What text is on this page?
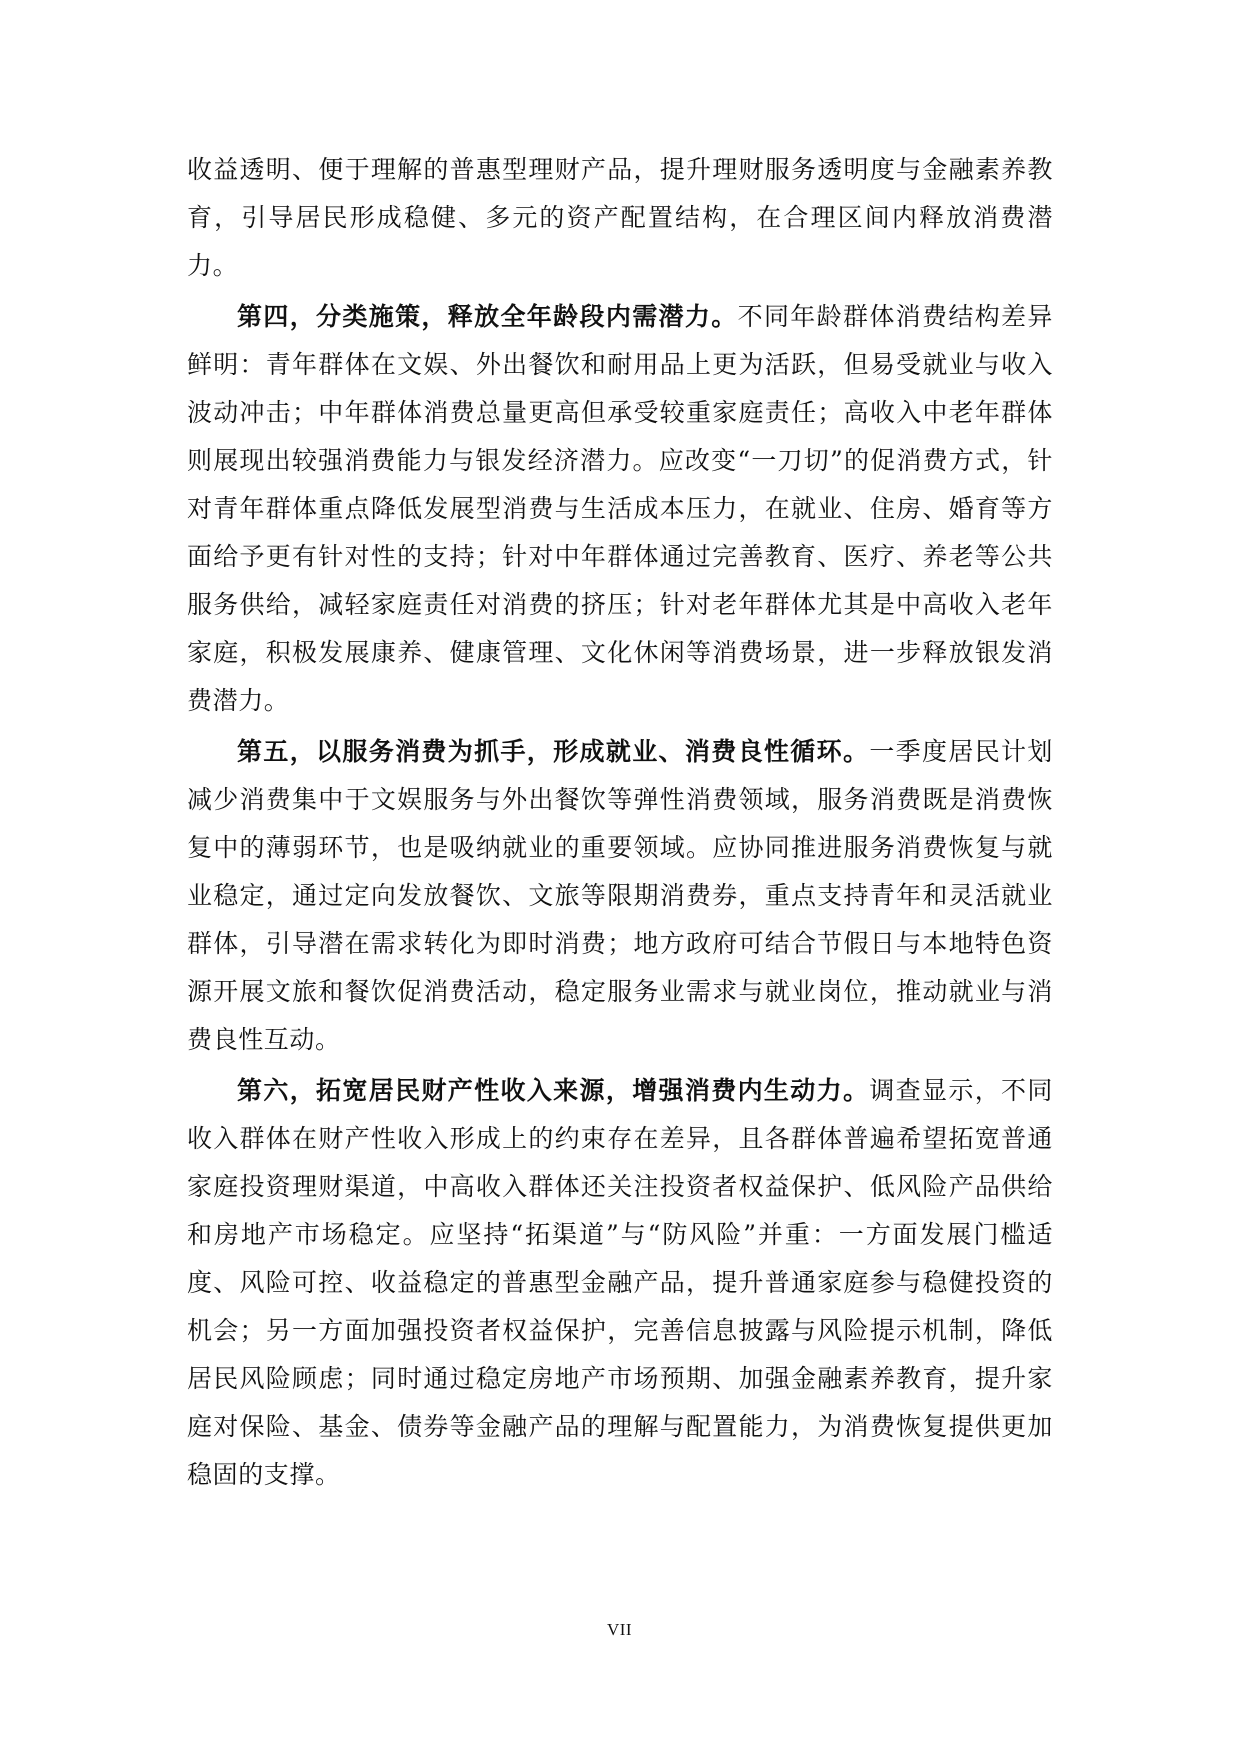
收益透明、便于理解的普惠型理财产品，提升理财服务透明度与金融素养教育，引导居民形成稳健、多元的资产配置结构，在合理区间内释放消费潜力。

第四，分类施策，释放全年龄段内需潜力。不同年龄群体消费结构差异鲜明：青年群体在文娱、外出餐饮和耐用品上更为活跃，但易受就业与收入波动冲击；中年群体消费总量更高但承受较重家庭责任；高收入中老年群体则展现出较强消费能力与银发经济潜力。应改变“一刀切”的促消费方式，针对青年群体重点降低发展型消费与生活成本压力，在就业、住房、婚育等方面给予更有针对性的支持；针对中年群体通过完善教育、医疗、养老等公共服务供给，减轻家庭责任对消费的挤压；针对老年群体尤其是中高收入老年家庭，积极发展康养、健康管理、文化休闲等消费场景，进一步释放银发消费潜力。

第五，以服务消费为抓手，形成就业、消费良性循环。一季度居民计划减少消费集中于文娱服务与外出餐饮等弹性消费领域，服务消费既是消费恢复中的薄弱环节，也是吸纳就业的重要领域。应协同推进服务消费恢复与就业稳定，通过定向发放餐饮、文旅等限期消费券，重点支持青年和灵活就业群体，引导潜在需求转化为即时消费；地方政府可结合节假日与本地特色资源开展文旅和餐饮促消费活动，稳定服务业需求与就业岗位，推动就业与消费良性互动。

第六，拓宽居民财产性收入来源，增强消费内生动力。调查显示，不同收入群体在财产性收入形成上的约束存在差异，且各群体普遍希望拓宽普通家庭投资理财渠道，中高收入群体还关注投资者权益保护、低风险产品供给和房地产市场稳定。应坚持“拓渠道”与“防风险”并重：一方面发展门槛适度、风险可控、收益稳定的普惠型金融产品，提升普通家庭参与稳健投资的机会；另一方面加强投资者权益保护，完善信息披露与风险提示机制，降低居民风险顾虑；同时通过稳定房地产市场预期、加强金融素养教育，提升家庭对保险、基金、债券等金融产品的理解与配置能力，为消费恢复提供更加稳固的支撑。

VII
